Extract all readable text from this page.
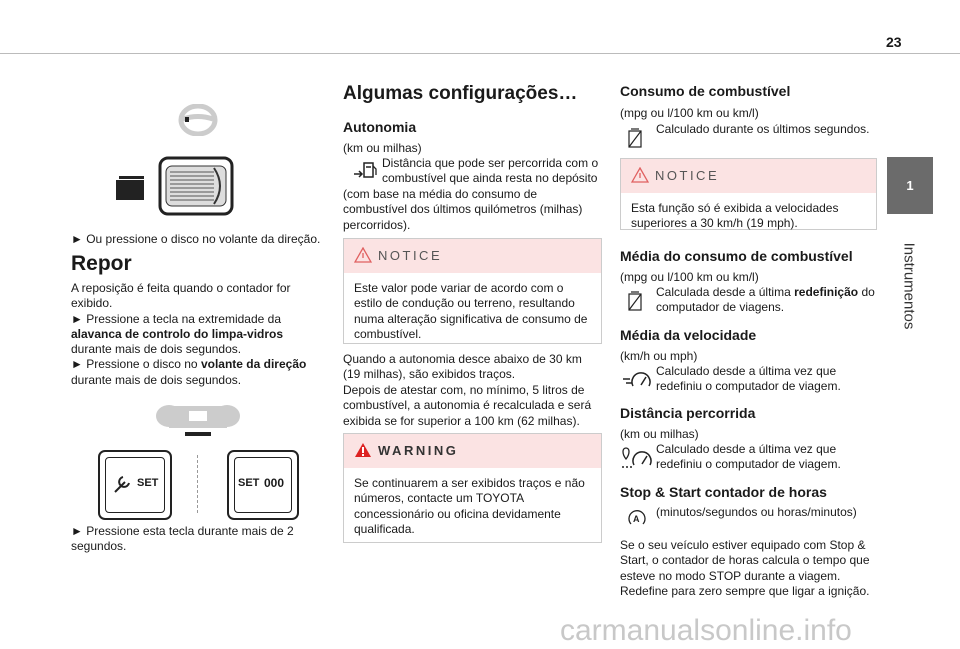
23
1
Instrumentos

► Ou pressione o disco no volante da direção.

Repor

A reposição é feita quando o contador for exibido.

► Pressione a tecla na extremidade da alavanca de controlo do limpa-vidros durante mais de dois segundos.

► Pressione o disco no volante da direção durante mais de dois segundos.

► Pressione esta tecla durante mais de 2 segundos.

SET	SET 000
Algumas configurações…
Autonomia

(km ou milhas)

Distância que pode ser percorrida com o combustível que ainda resta no depósito

(com base na média do consumo de combustível dos últimos quilómetros (milhas) percorridos).

NOTICE
Este valor pode variar de acordo com o estilo de condução ou terreno, resultando numa alteração significativa de consumo de combustível.

Quando a autonomia desce abaixo de 30 km (19 milhas), são exibidos traços.

Depois de atestar com, no mínimo, 5 litros de combustível, a autonomia é recalculada e será exibida se for superior a 100 km (62 milhas).

WARNING
Se continuarem a ser exibidos traços e não números, contacte um TOYOTA concessionário ou oficina devidamente qualificada.
Consumo de combustível

(mpg ou l/100 km ou km/l)

Calculado durante os últimos segundos.

NOTICE
Esta função só é exibida a velocidades superiores a 30 km/h (19 mph).
Média do consumo de combustível

(mpg ou l/100 km ou km/l)

Calculada desde a última redefinição do computador de viagens.

Média da velocidade

(km/h ou mph)

Calculado desde a última vez que redefiniu o computador de viagem.

Distância percorrida

(km ou milhas)

Calculado desde a última vez que redefiniu o computador de viagem.

Stop & Start contador de horas

(minutos/segundos ou horas/minutos)

Se o seu veículo estiver equipado com Stop & Start, o contador de horas calcula o tempo que esteve no modo STOP durante a viagem. Redefine para zero sempre que ligar a ignição.

A
carmanualsonline.info
